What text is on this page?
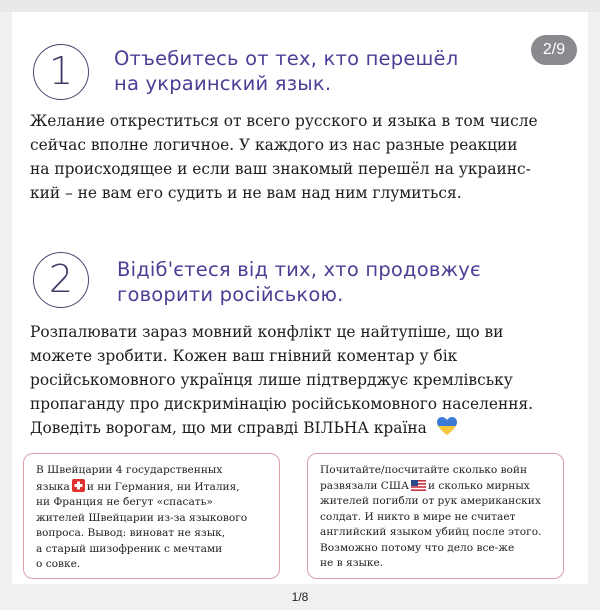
2/9
1	Отъебитесь от тех, кто перешёл
на украинский язык.
Желание откреститься от всего русского и языка в том числе
сейчас вполне логичное. У каждого из нас разные реакции
на происходящее и если ваш знакомый перешёл на украинс-
кий – не вам его судить и не вам над ним глумиться.
2	Відіб'єтеся від тих, хто продовжує
говорити російською.
Розпалювати зараз мовний конфлікт це найтупіше, що ви
можете зробити. Кожен ваш гнівний коментар у бік
російськомовного українця лише підтверджує кремлівську
пропаганду про дискримінацію російськомовного населення.
Доведіть ворогам, що ми справді ВІЛЬНА країна
В Швейцарии 4 государственных
языка и ни Германия, ни Италия,
ни Франция не бегут «спасать»
жителей Швейцарии из-за языкового
вопроса. Вывод: виноват не язык,
а старый шизофреник с мечтами
о совке.
Почитайте/посчитайте сколько войн
развязали США и сколько мирных
жителей погибли от рук американских
солдат. И никто в мире не считает
английский языком убийц после этого.
Возможно потому что дело все-же
не в языке.
1/8
